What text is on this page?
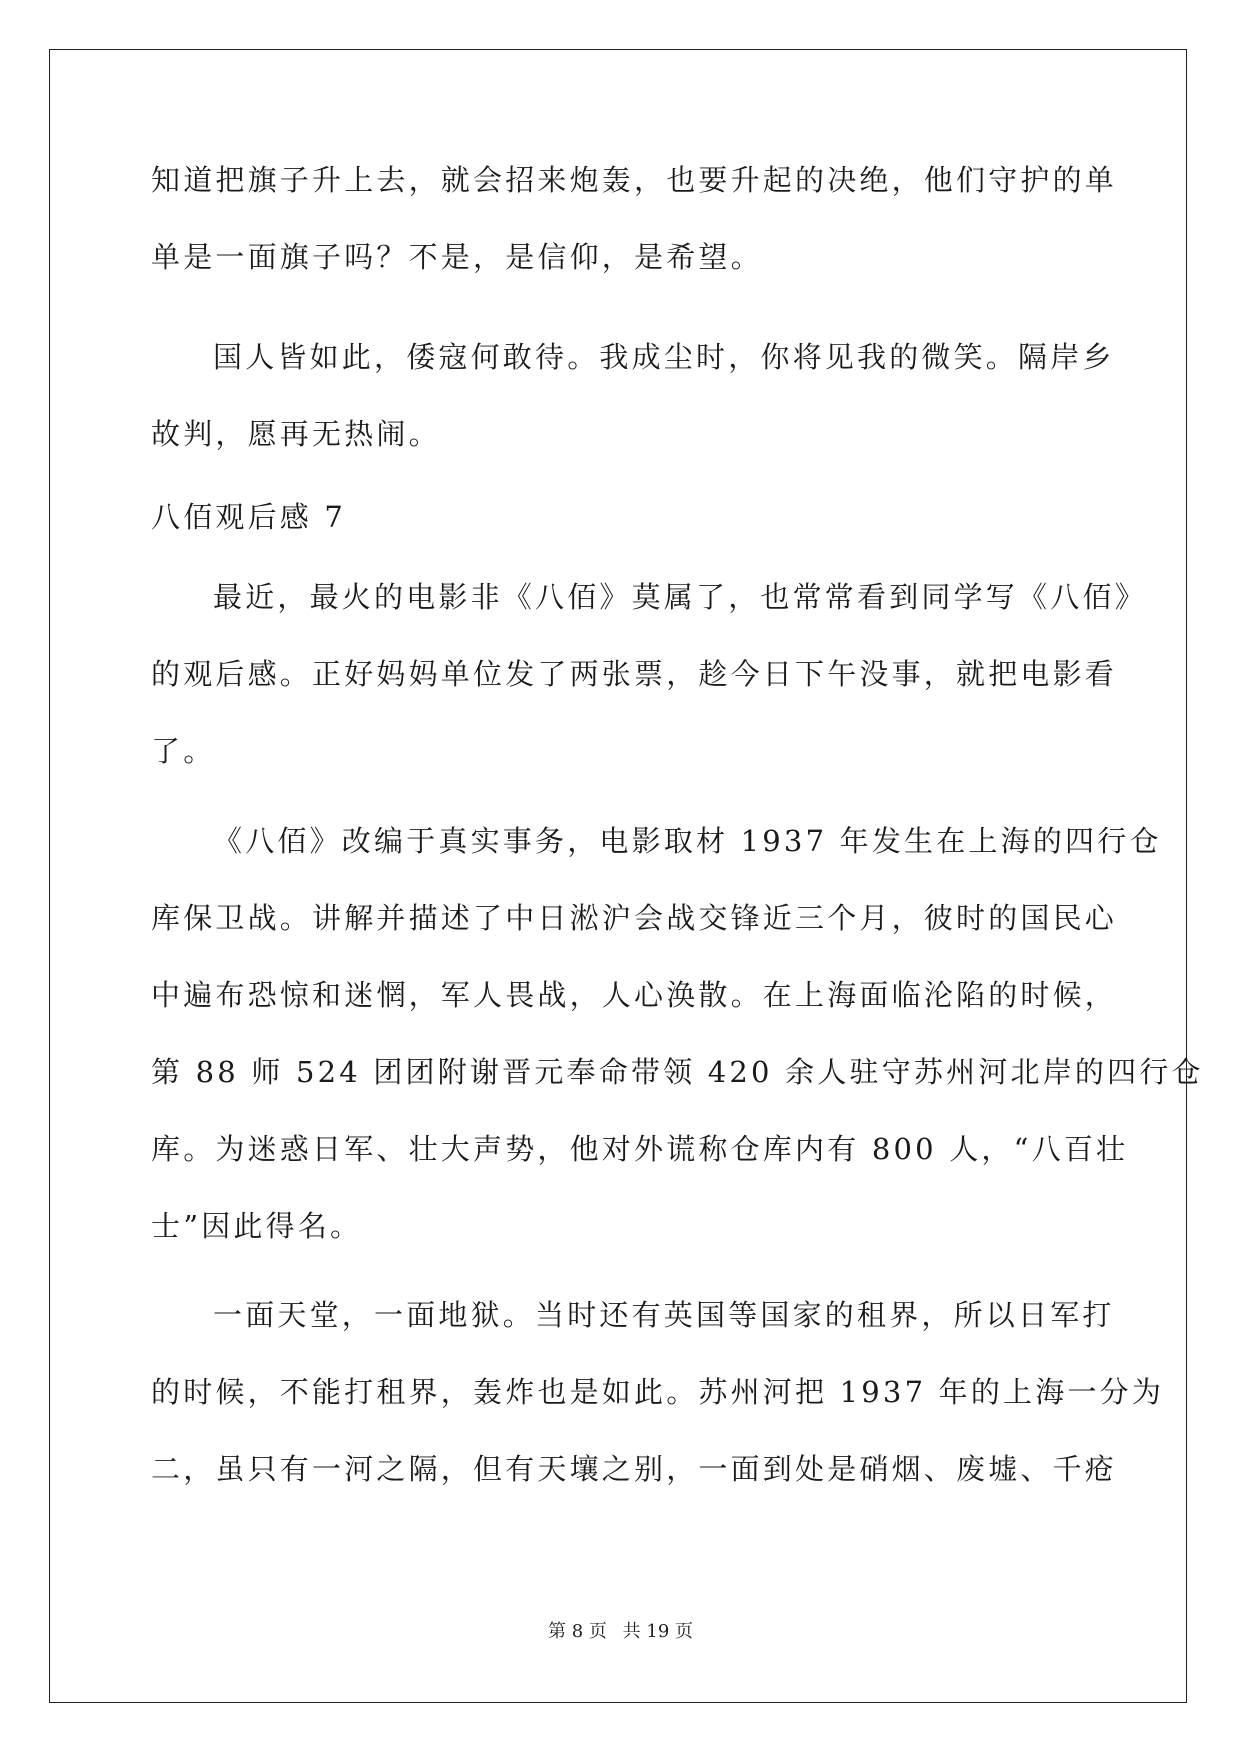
知道把旗子升上去，就会招来炮轰，也要升起的决绝，他们守护的单
单是一面旗子吗？不是，是信仰，是希望。
国人皆如此，倭寇何敢待。我成尘时，你将见我的微笑。隔岸乡
故判，愿再无热闹。
八佰观后感 7
最近，最火的电影非《八佰》莫属了，也常常看到同学写《八佰》
的观后感。正好妈妈单位发了两张票，趁今日下午没事，就把电影看
了。
《八佰》改编于真实事务，电影取材 1937 年发生在上海的四行仓
库保卫战。讲解并描述了中日淞沪会战交锋近三个月，彼时的国民心
中遍布恐惊和迷惘，军人畏战，人心涣散。在上海面临沦陷的时候，
第 88 师 524 团团附谢晋元奉命带领 420 余人驻守苏州河北岸的四行仓
库。为迷惑日军、壮大声势，他对外谎称仓库内有 800 人，“八百壮
士”因此得名。
一面天堂，一面地狱。当时还有英国等国家的租界，所以日军打
的时候，不能打租界，轰炸也是如此。苏州河把 1937 年的上海一分为
二，虽只有一河之隔，但有天壤之别，一面到处是硝烟、废墟、千疮
第 8 页 共 19 页
